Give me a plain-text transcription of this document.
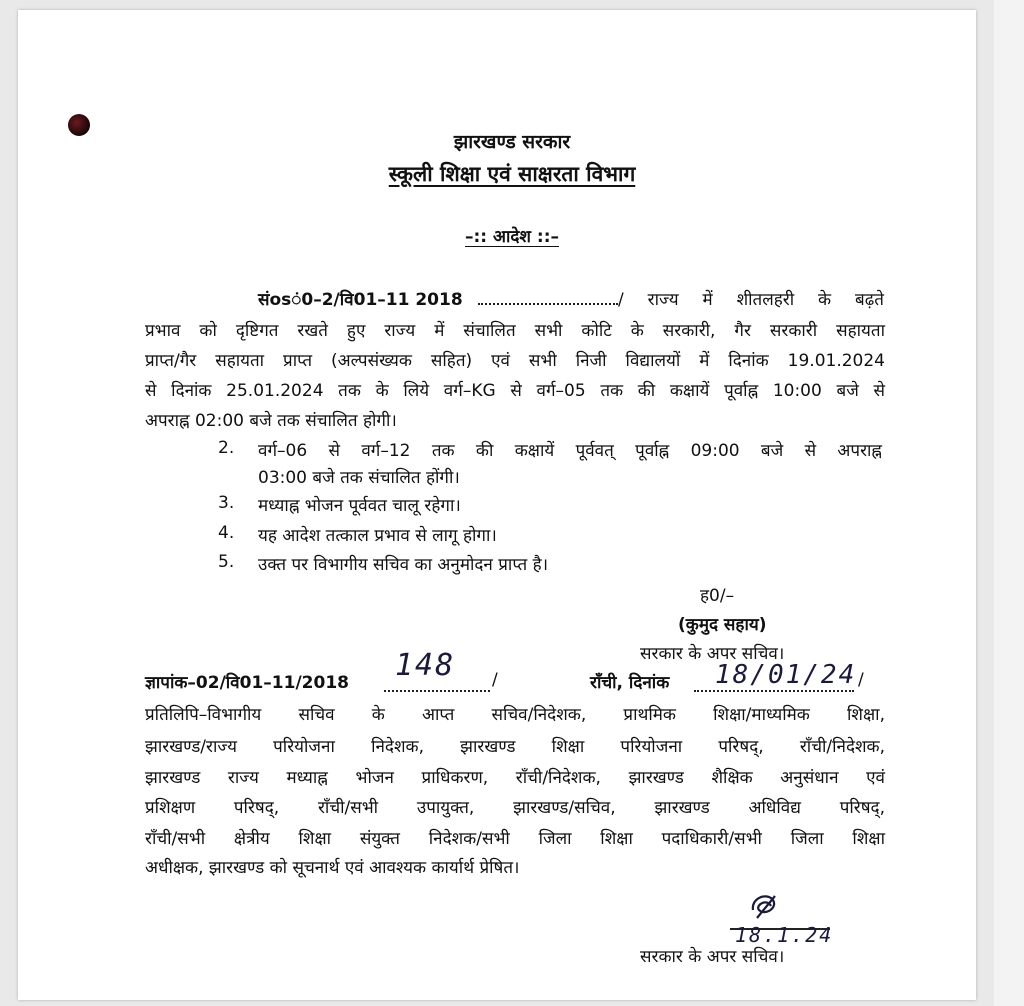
झारखण्ड सरकार
स्कूली शिक्षा एवं साक्षरता विभाग
–:: आदेश ::–
संosं0–2/वि01–11 2018	/ राज्य में शीतलहरी के बढ़ते
प्रभाव को दृष्टिगत रखते हुए राज्य में संचालित सभी कोटि के सरकारी, गैर सरकारी सहायता
प्राप्त/गैर सहायता प्राप्त (अल्पसंख्यक सहित) एवं सभी निजी विद्यालयों में दिनांक 19.01.2024
से दिनांक 25.01.2024 तक के लिये वर्ग–KG से वर्ग–05 तक की कक्षायें पूर्वाह्न 10:00 बजे से
अपराह्न 02:00 बजे तक संचालित होगी।
2. वर्ग–06 से वर्ग–12 तक की कक्षायें पूर्ववत् पूर्वाह्न 09:00 बजे से अपराह्न
03:00 बजे तक संचालित होंगी।
3. मध्याह्न भोजन पूर्ववत चालू रहेगा।
4. यह आदेश तत्काल प्रभाव से लागू होगा।
5. उक्त पर विभागीय सचिव का अनुमोदन प्राप्त है।
ह0/–
(कुमुद सहाय)
सरकार के अपर सचिव।
ज्ञापांक–02/वि01–11/2018 148 /	राँची, दिनांक 18/01/24 /
प्रतिलिपि–विभागीय सचिव के आप्त सचिव/निदेशक, प्राथमिक शिक्षा/माध्यमिक शिक्षा,
झारखण्ड/राज्य परियोजना निदेशक, झारखण्ड शिक्षा परियोजना परिषद्, राँची/निदेशक,
झारखण्ड राज्य मध्याह्न भोजन प्राधिकरण, राँची/निदेशक, झारखण्ड शैक्षिक अनुसंधान एवं
प्रशिक्षण परिषद्, राँची/सभी उपायुक्त, झारखण्ड/सचिव, झारखण्ड अधिविद्य परिषद्,
राँची/सभी क्षेत्रीय शिक्षा संयुक्त निदेशक/सभी जिला शिक्षा पदाधिकारी/सभी जिला शिक्षा
अधीक्षक, झारखण्ड को सूचनार्थ एवं आवश्यक कार्यार्थ प्रेषित।
18.1.24
सरकार के अपर सचिव।
